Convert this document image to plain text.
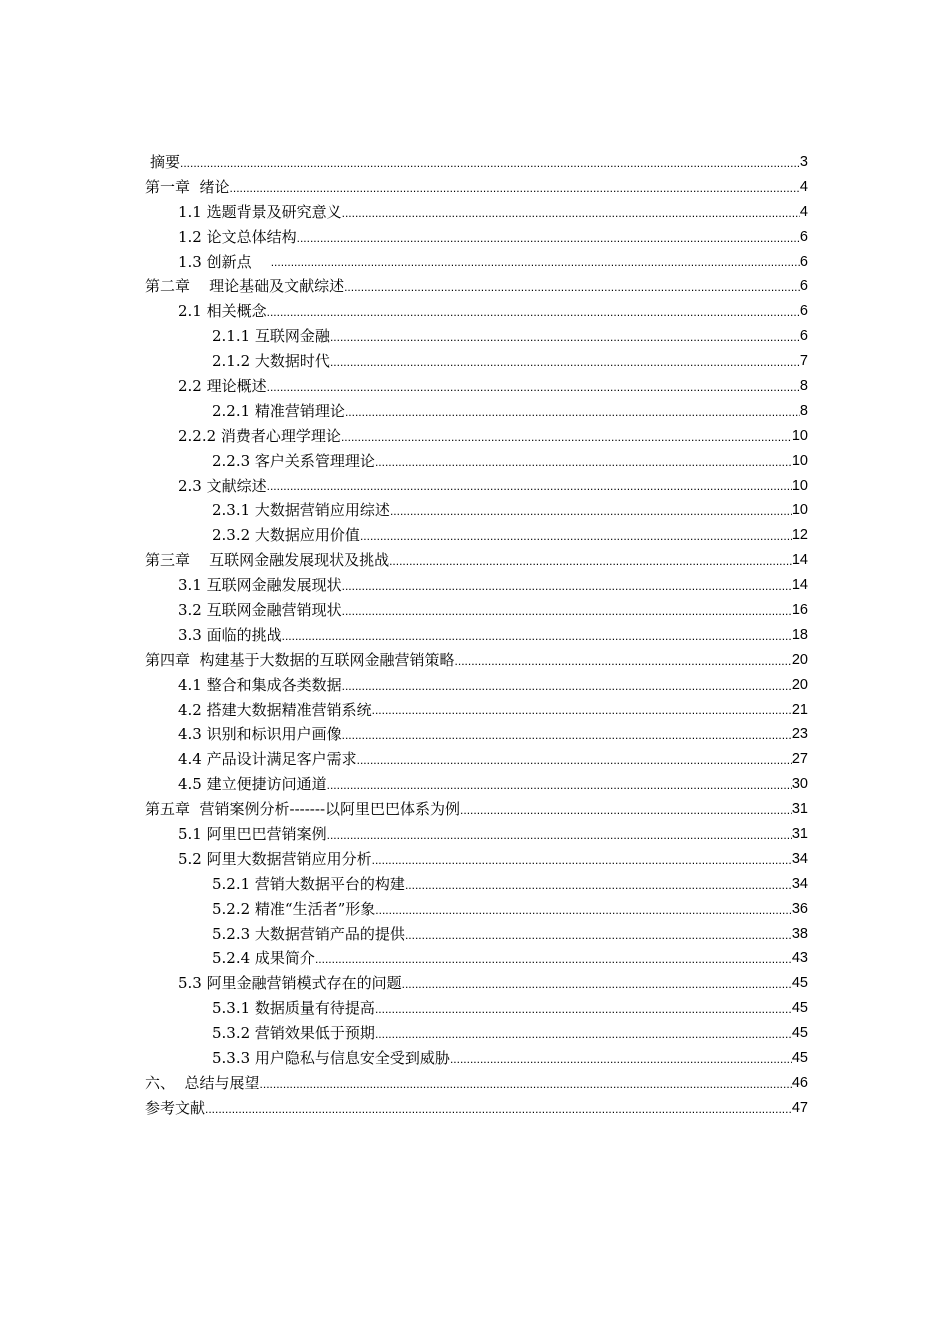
摘要 .....	3
第一章  绪论 .....	4
1.1 选题背景及研究意义 .....	4
1.2 论文总体结构 .....	6
1.3 创新点 .....	6
第二章    理论基础及文献综述 .....	6
2.1 相关概念 .....	6
2.1.1 互联网金融 .....	6
2.1.2 大数据时代 .....	7
2.2 理论概述 .....	8
2.2.1 精准营销理论 .....	8
2.2.2 消费者心理学理论 .....	10
2.2.3 客户关系管理理论 .....	10
2.3 文献综述 .....	10
2.3.1 大数据营销应用综述 .....	10
2.3.2 大数据应用价值 .....	12
第三章    互联网金融发展现状及挑战 .....	14
3.1 互联网金融发展现状 .....	14
3.2 互联网金融营销现状 .....	16
3.3 面临的挑战 .....	18
第四章  构建基于大数据的互联网金融营销策略 .....	20
4.1 整合和集成各类数据 .....	20
4.2 搭建大数据精准营销系统 .....	21
4.3 识别和标识用户画像 .....	23
4.4 产品设计满足客户需求 .....	27
4.5 建立便捷访问通道 .....	30
第五章  营销案例分析-------以阿里巴巴体系为例 .....	31
5.1 阿里巴巴营销案例 .....	31
5.2 阿里大数据营销应用分析 .....	34
5.2.1 营销大数据平台的构建 .....	34
5.2.2 精准“生活者”形象 .....	36
5.2.3 大数据营销产品的提供 .....	38
5.2.4 成果简介 .....	43
5.3 阿里金融营销模式存在的问题 .....	45
5.3.1 数据质量有待提高 .....	45
5.3.2 营销效果低于预期 .....	45
5.3.3 用户隐私与信息安全受到威胁 .....	45
六、  总结与展望 .....	46
参考文献 .....	47
